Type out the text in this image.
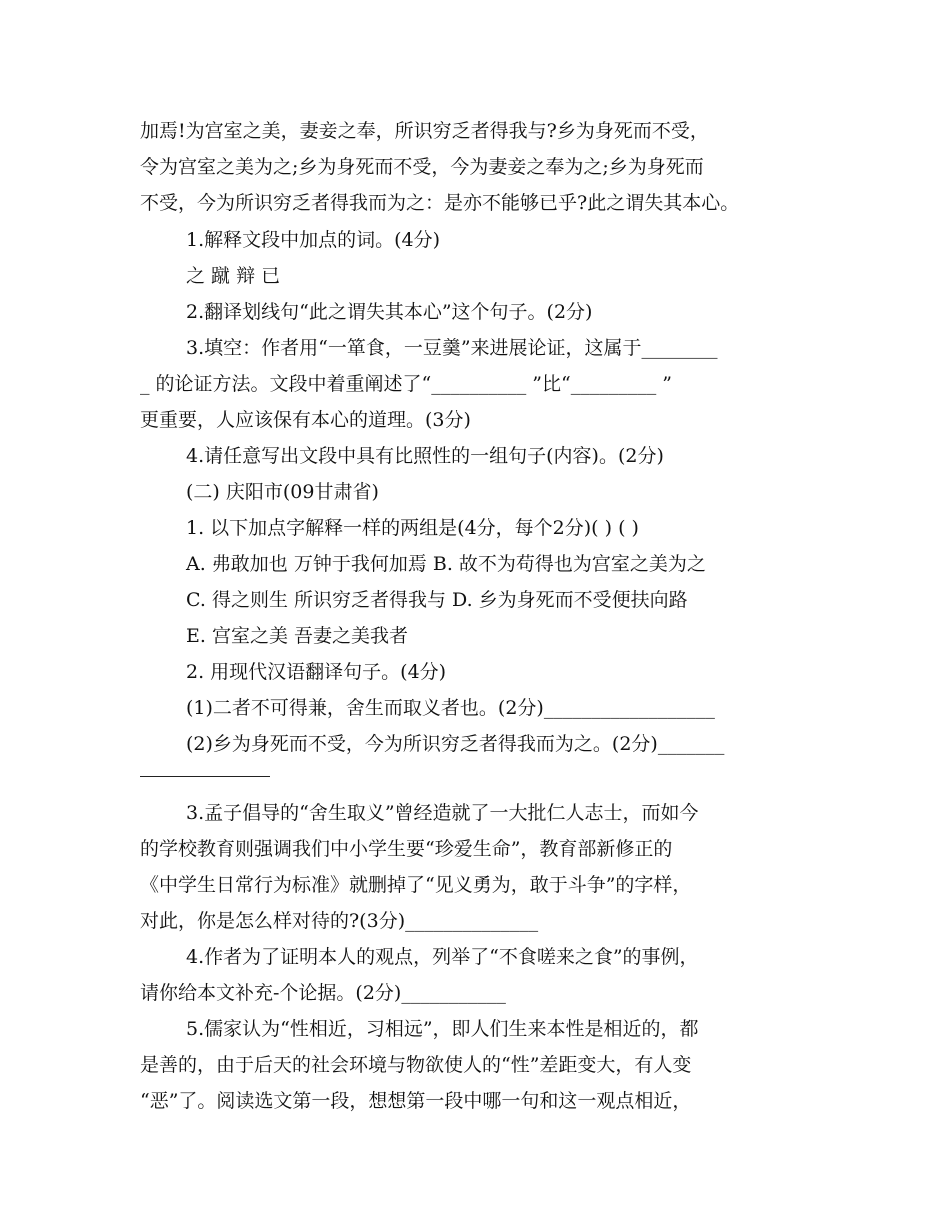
加焉!为宫室之美，妻妾之奉，所识穷乏者得我与?乡为身死而不受，
令为宫室之美为之;乡为身死而不受，今为妻妾之奉为之;乡为身死而
不受，今为所识穷乏者得我而为之：是亦不能够已乎?此之谓失其本心。
1.解释文段中加点的词。(4分)
之 蹴 辩 已
2.翻译划线句“此之谓失其本心”这个句子。(2分)
3.填空：作者用“一箪食，一豆羹”来进展论证，这属于________
_ 的论证方法。文段中着重阐述了“__________ ”比“_________ ”
更重要，人应该保有本心的道理。(3分)
4.请任意写出文段中具有比照性的一组句子(内容)。(2分)
(二) 庆阳市(09甘肃省)
1. 以下加点字解释一样的两组是(4分，每个2分)( ) ( )
A. 弗敢加也 万钟于我何加焉 B. 故不为苟得也为宫室之美为之
C. 得之则生 所识穷乏者得我与 D. 乡为身死而不受便扶向路
E. 宫室之美 吾妻之美我者
2. 用现代汉语翻译句子。(4分)
(1)二者不可得兼，舍生而取义者也。(2分)__________________
(2)乡为身死而不受，今为所识穷乏者得我而为之。(2分)_______
3.孟子倡导的“舍生取义”曾经造就了一大批仁人志士，而如今
的学校教育则强调我们中小学生要“珍爱生命”，教育部新修正的
《中学生日常行为标准》就删掉了“见义勇为，敢于斗争”的字样，
对此，你是怎么样对待的?(3分)______________
4.作者为了证明本人的观点，列举了“不食嗟来之食”的事例，
请你给本文补充-个论据。(2分)___________
5.儒家认为“性相近，习相远”，即人们生来本性是相近的，都
是善的，由于后天的社会环境与物欲使人的“性”差距变大，有人变
“恶”了。阅读选文第一段，想想第一段中哪一句和这一观点相近，
